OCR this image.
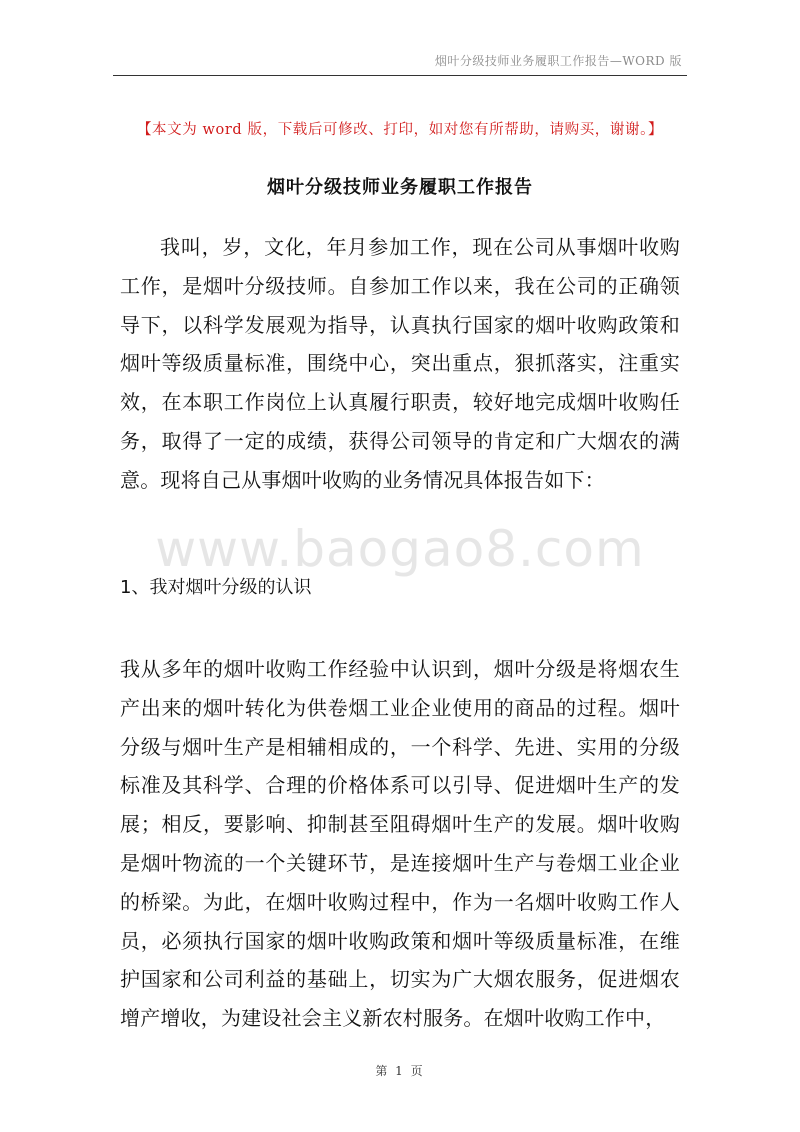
烟叶分级技师业务履职工作报告—WORD 版
【本文为 word 版，下载后可修改、打印，如对您有所帮助，请购买，谢谢。】
烟叶分级技师业务履职工作报告

我叫，岁，文化，年月参加工作，现在公司从事烟叶收购工作，是烟叶分级技师。自参加工作以来，我在公司的正确领导下，以科学发展观为指导，认真执行国家的烟叶收购政策和烟叶等级质量标准，围绕中心，突出重点，狠抓落实，注重实效，在本职工作岗位上认真履行职责，较好地完成烟叶收购任务，取得了一定的成绩，获得公司领导的肯定和广大烟农的满意。现将自己从事烟叶收购的业务情况具体报告如下：

www.baogao8.com
1、我对烟叶分级的认识

我从多年的烟叶收购工作经验中认识到，烟叶分级是将烟农生产出来的烟叶转化为供卷烟工业企业使用的商品的过程。烟叶分级与烟叶生产是相辅相成的，一个科学、先进、实用的分级标准及其科学、合理的价格体系可以引导、促进烟叶生产的发展；相反，要影响、抑制甚至阻碍烟叶生产的发展。烟叶收购是烟叶物流的一个关键环节，是连接烟叶生产与卷烟工业企业的桥梁。为此，在烟叶收购过程中，作为一名烟叶收购工作人员，必须执行国家的烟叶收购政策和烟叶等级质量标准，在维护国家和公司利益的基础上，切实为广大烟农服务，促进烟农增产增收，为建设社会主义新农村服务。在烟叶收购工作中，

第 1 页
